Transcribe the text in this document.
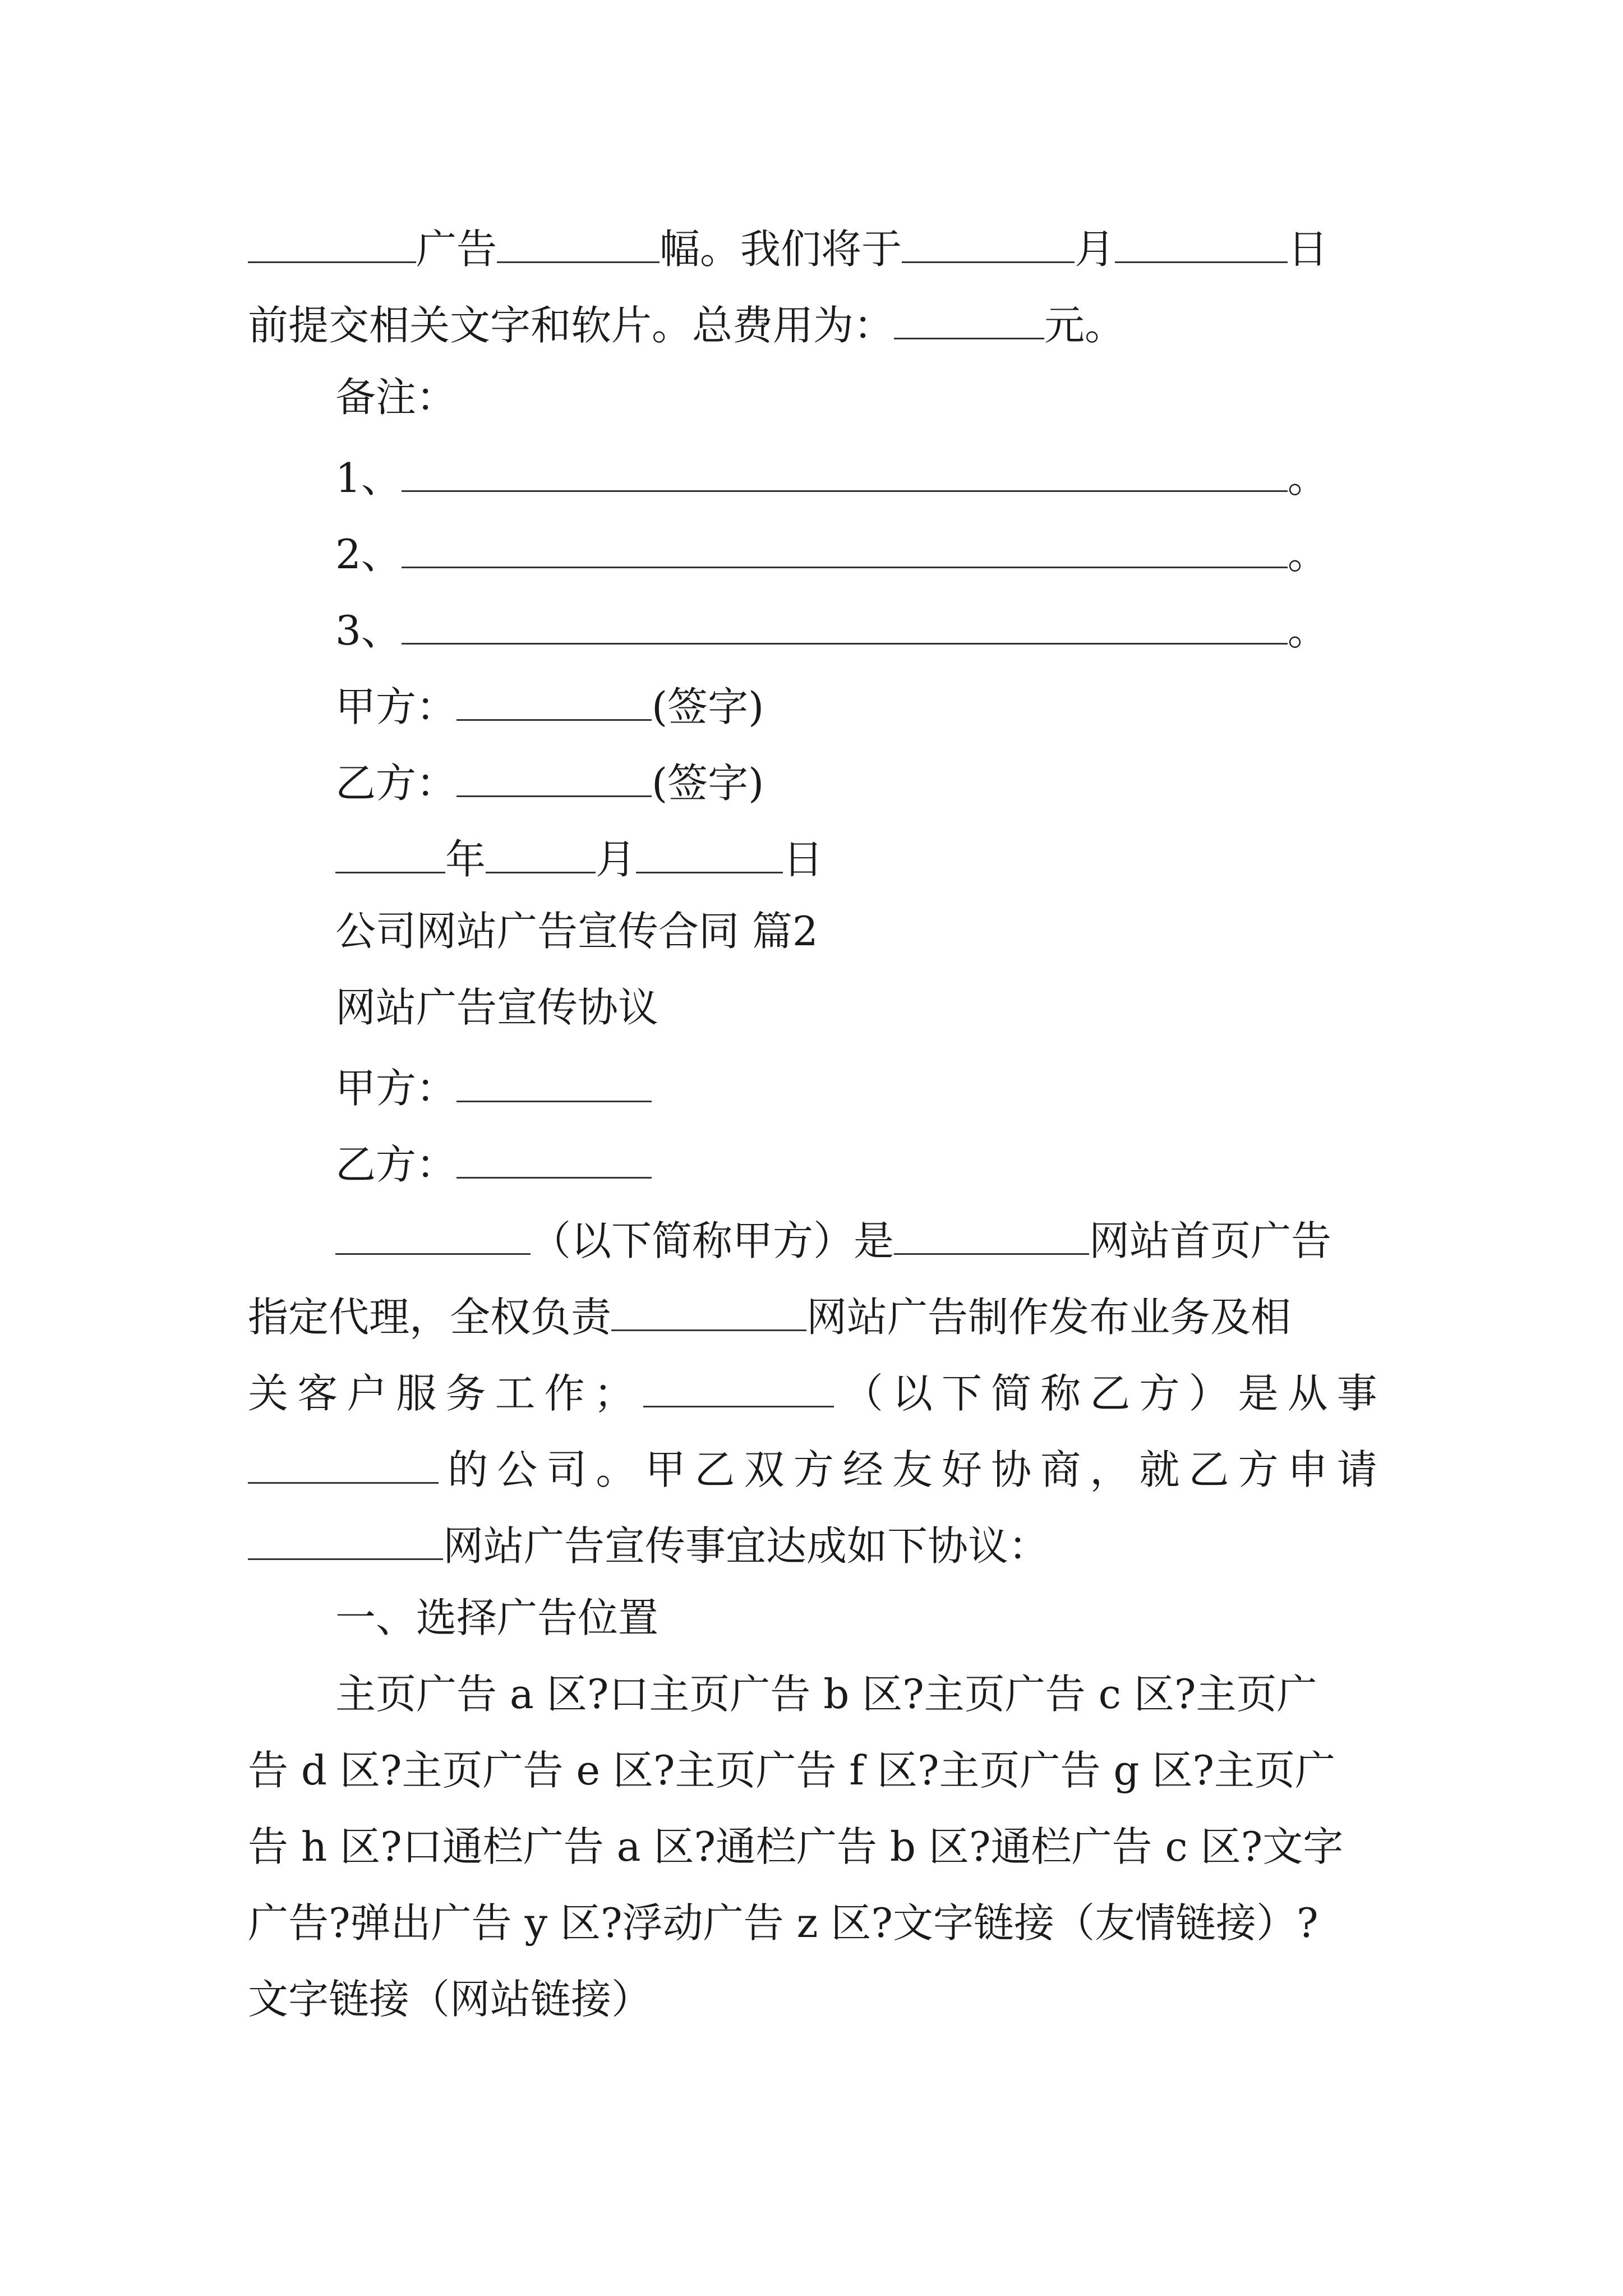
广告	幅。我们将于	月	日
前提交相关文字和软片。总费用为：	元。
备注：
1、	。
2、	。
3、	。
甲方：	(签字)
乙方：	(签字)
年	月	日
公司网站广告宣传合同 篇2
网站广告宣传协议
甲方：
乙方：
（以下简称甲方）是	网站首页广告
指定代理，全权负责	网站广告制作发布业务及相
关 客 户 服 务 工 作 ；	（ 以 下 简 称 乙 方 ） 是 从 事
的 公 司 。 甲 乙 双 方 经 友 好 协 商 ， 就 乙 方 申 请
网站广告宣传事宜达成如下协议：
一、选择广告位置
主页广告 a 区?口主页广告 b 区?主页广告 c 区?主页广
告 d 区?主页广告 e 区?主页广告 f 区?主页广告 g 区?主页广
告 h 区?口通栏广告 a 区?通栏广告 b 区?通栏广告 c 区?文字
广告?弹出广告 y 区?浮动广告 z 区?文字链接（友情链接）?
文字链接（网站链接）
